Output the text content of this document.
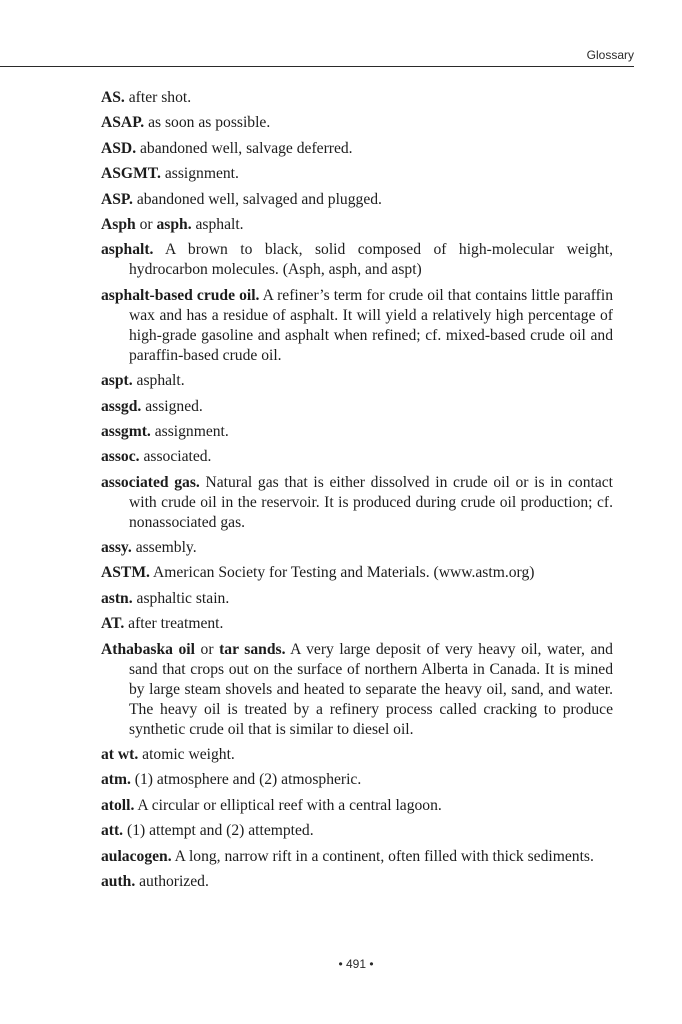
Glossary

AS. after shot.

ASAP. as soon as possible.

ASD. abandoned well, salvage deferred.

ASGMT. assignment.

ASP. abandoned well, salvaged and plugged.

Asph or asph. asphalt.

asphalt. A brown to black, solid composed of high-molecular weight, hydrocarbon molecules. (Asph, asph, and aspt)

asphalt-based crude oil. A refiner’s term for crude oil that contains little paraffin wax and has a residue of asphalt. It will yield a relatively high percentage of high-grade gasoline and asphalt when refined; cf. mixed-based crude oil and paraffin-based crude oil.

aspt. asphalt.

assgd. assigned.

assgmt. assignment.

assoc. associated.

associated gas. Natural gas that is either dissolved in crude oil or is in contact with crude oil in the reservoir. It is produced during crude oil production; cf. nonassociated gas.

assy. assembly.

ASTM. American Society for Testing and Materials. (www.astm.org)

astn. asphaltic stain.

AT. after treatment.

Athabaska oil or tar sands. A very large deposit of very heavy oil, water, and sand that crops out on the surface of northern Alberta in Canada. It is mined by large steam shovels and heated to separate the heavy oil, sand, and water. The heavy oil is treated by a refinery process called cracking to produce synthetic crude oil that is similar to diesel oil.

at wt. atomic weight.

atm. (1) atmosphere and (2) atmospheric.

atoll. A circular or elliptical reef with a central lagoon.

att. (1) attempt and (2) attempted.

aulacogen. A long, narrow rift in a continent, often filled with thick sediments.

auth. authorized.

• 491 •
